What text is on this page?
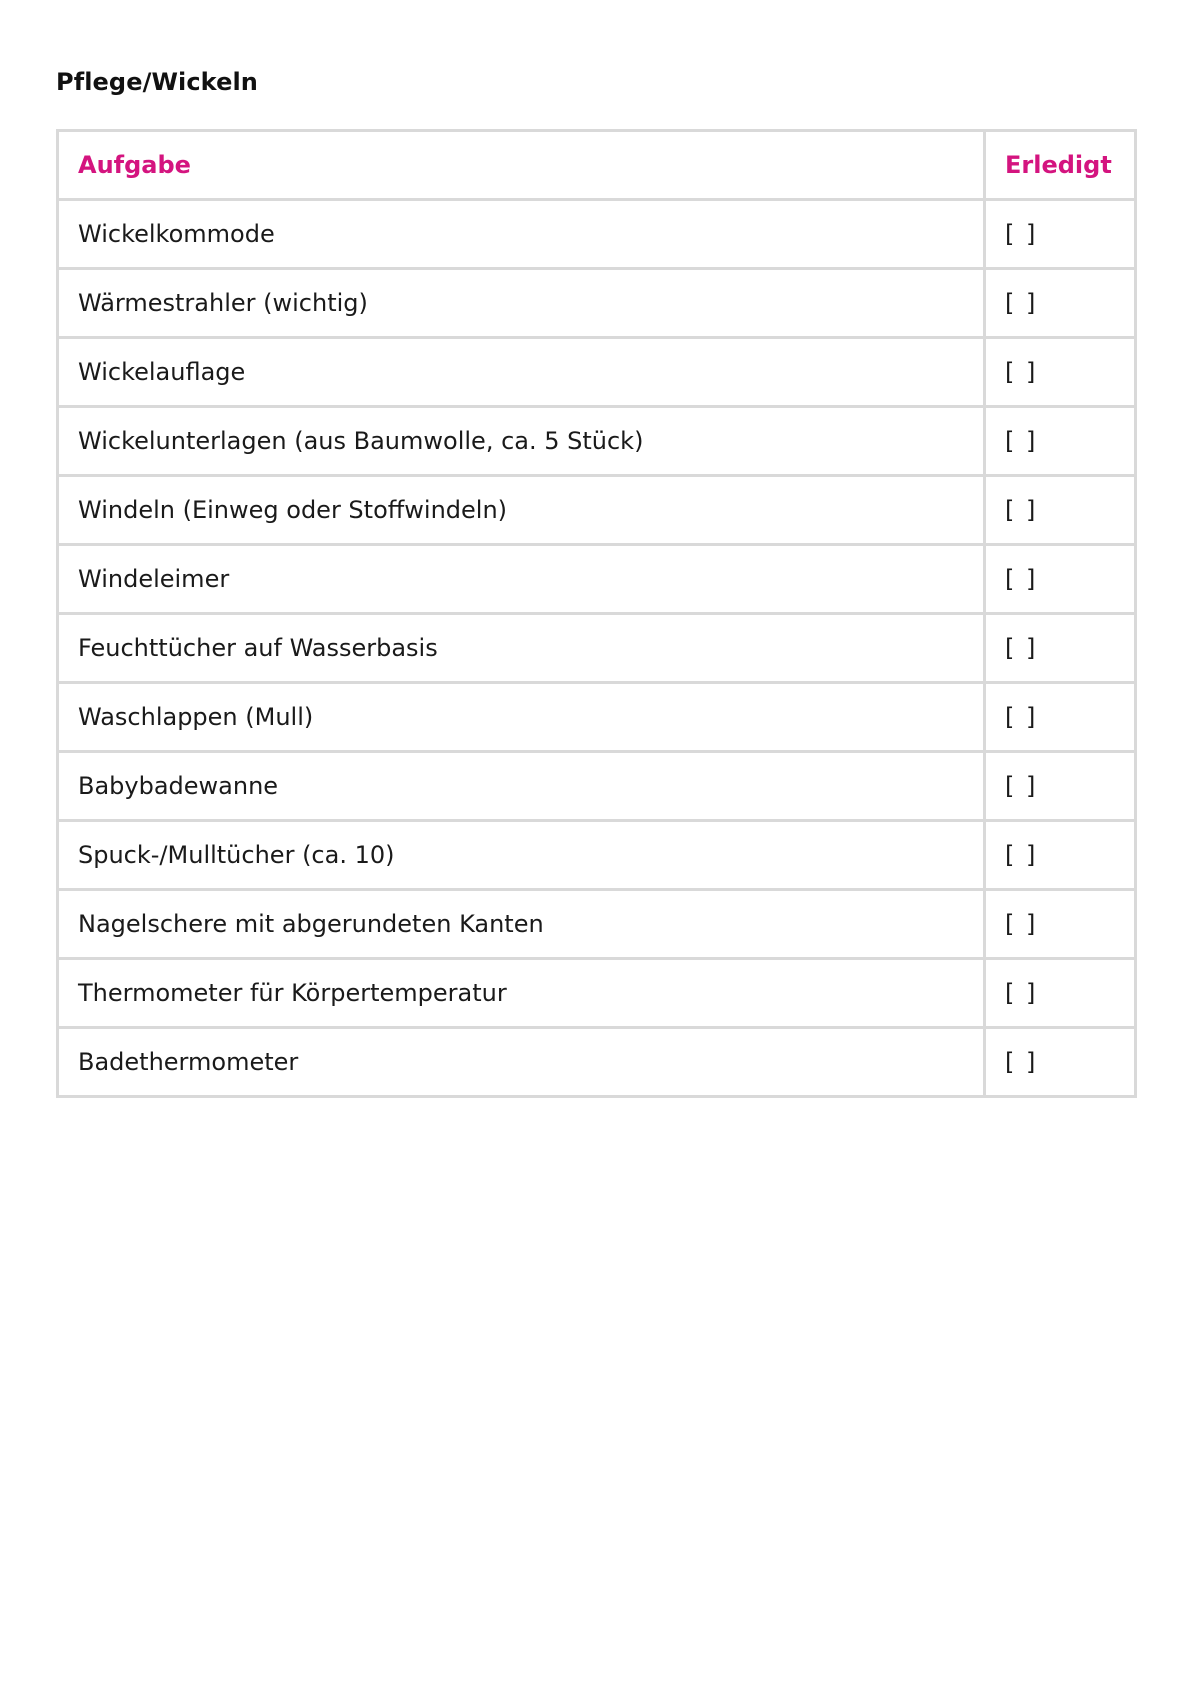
Pflege/Wickeln
Aufgabe	Erledigt
Wickelkommode	[ ]
Wärmestrahler (wichtig)	[ ]
Wickelauflage	[ ]
Wickelunterlagen (aus Baumwolle, ca. 5 Stück)	[ ]
Windeln (Einweg oder Stoffwindeln)	[ ]
Windeleimer	[ ]
Feuchttücher auf Wasserbasis	[ ]
Waschlappen (Mull)	[ ]
Babybadewanne	[ ]
Spuck-/Mulltücher (ca. 10)	[ ]
Nagelschere mit abgerundeten Kanten	[ ]
Thermometer für Körpertemperatur	[ ]
Badethermometer	[ ]
